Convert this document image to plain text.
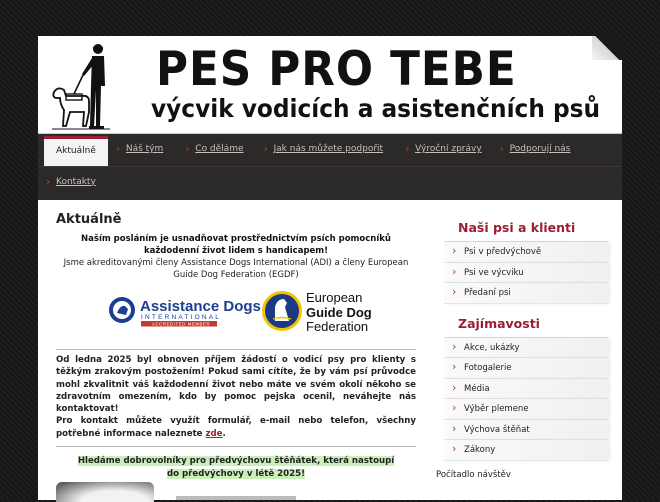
PES PRO TEBE
výcvik vodicích a asistenčních psů
Aktuálně	› Náš tým	› Co děláme	› Jak nás můžete podpořit	› Výroční zprávy	› Podporují nás
› Kontakty
Aktuálně
Naším posláním je usnadňovat prostřednictvím psích pomocníků každodenní život lidem s handicapem!
Jsme akreditovanými členy Assistance Dogs International (ADI) a členy European Guide Dog Federation (EGDF)
Assistance Dogs
INTERNATIONAL
ACCREDITED MEMBER
European
Guide Dog
Federation
Od ledna 2025 byl obnoven příjem žádostí o vodicí psy pro klienty s těžkým zrakovým postožením! Pokud sami cítíte, že by vám psí průvodce mohl zkvalitnit váš každodenní život nebo máte ve svém okolí někoho se zdravotním omezením, kdo by pomoc pejska ocenil, neváhejte nás kontaktovat!
Pro kontakt můžete využít formulář, e-mail nebo telefon, všechny potřebné informace naleznete zde.
Hledáme dobrovolníky pro předvýchovu štěňátek, která nastoupí do předvýchovy v létě 2025!
Naši psi a klienti
› Psi v předvýchově
› Psi ve výcviku
› Předaní psi
Zajímavosti
› Akce, ukázky
› Fotogalerie
› Média
› Výběr plemene
› Výchova štěňat
› Zákony
Počítadlo návštěv
